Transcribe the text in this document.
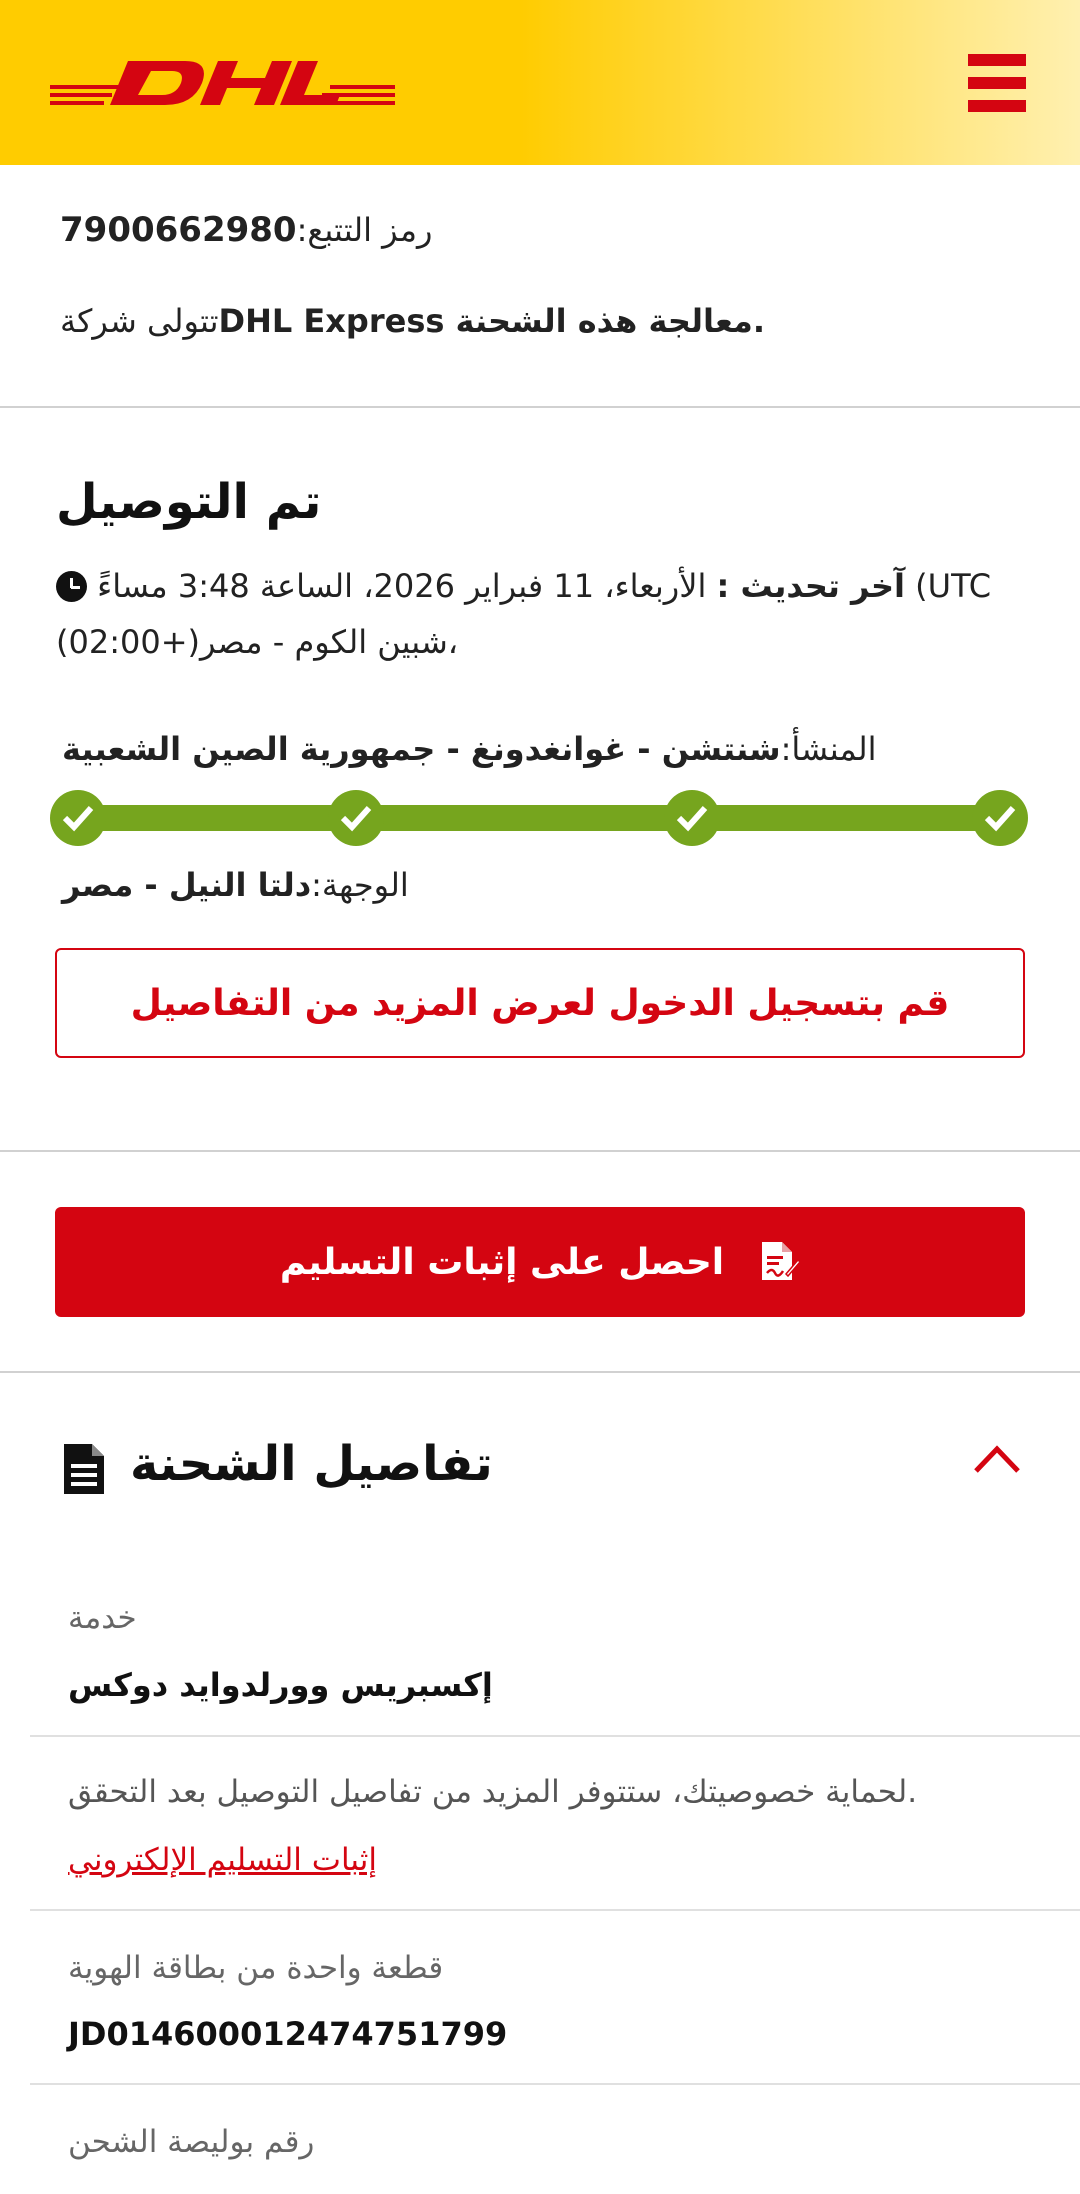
رمز التتبع:7900662980
تتولى شركةDHL Express معالجة هذه الشحنة.
تم التوصيل
آخر تحديث : الأربعاء، 11 فبراير 2026، الساعة 3:48 مساءً (UTC
شبين الكوم - مصر(+02:00)،
المنشأ:شنتشن - غوانغدونغ - جمهورية الصين الشعبية
الوجهة:دلتا النيل - مصر
قم بتسجيل الدخول لعرض المزيد من التفاصيل
احصل على إثبات التسليم
تفاصيل الشحنة
خدمة
إكسبريس وورلدوايد دوكس
لحماية خصوصيتك، ستتوفر المزيد من تفاصيل التوصيل بعد التحقق.
إثبات التسليم الإلكتروني
قطعة واحدة من بطاقة الهوية
JD014600012474751799
رقم بوليصة الشحن
